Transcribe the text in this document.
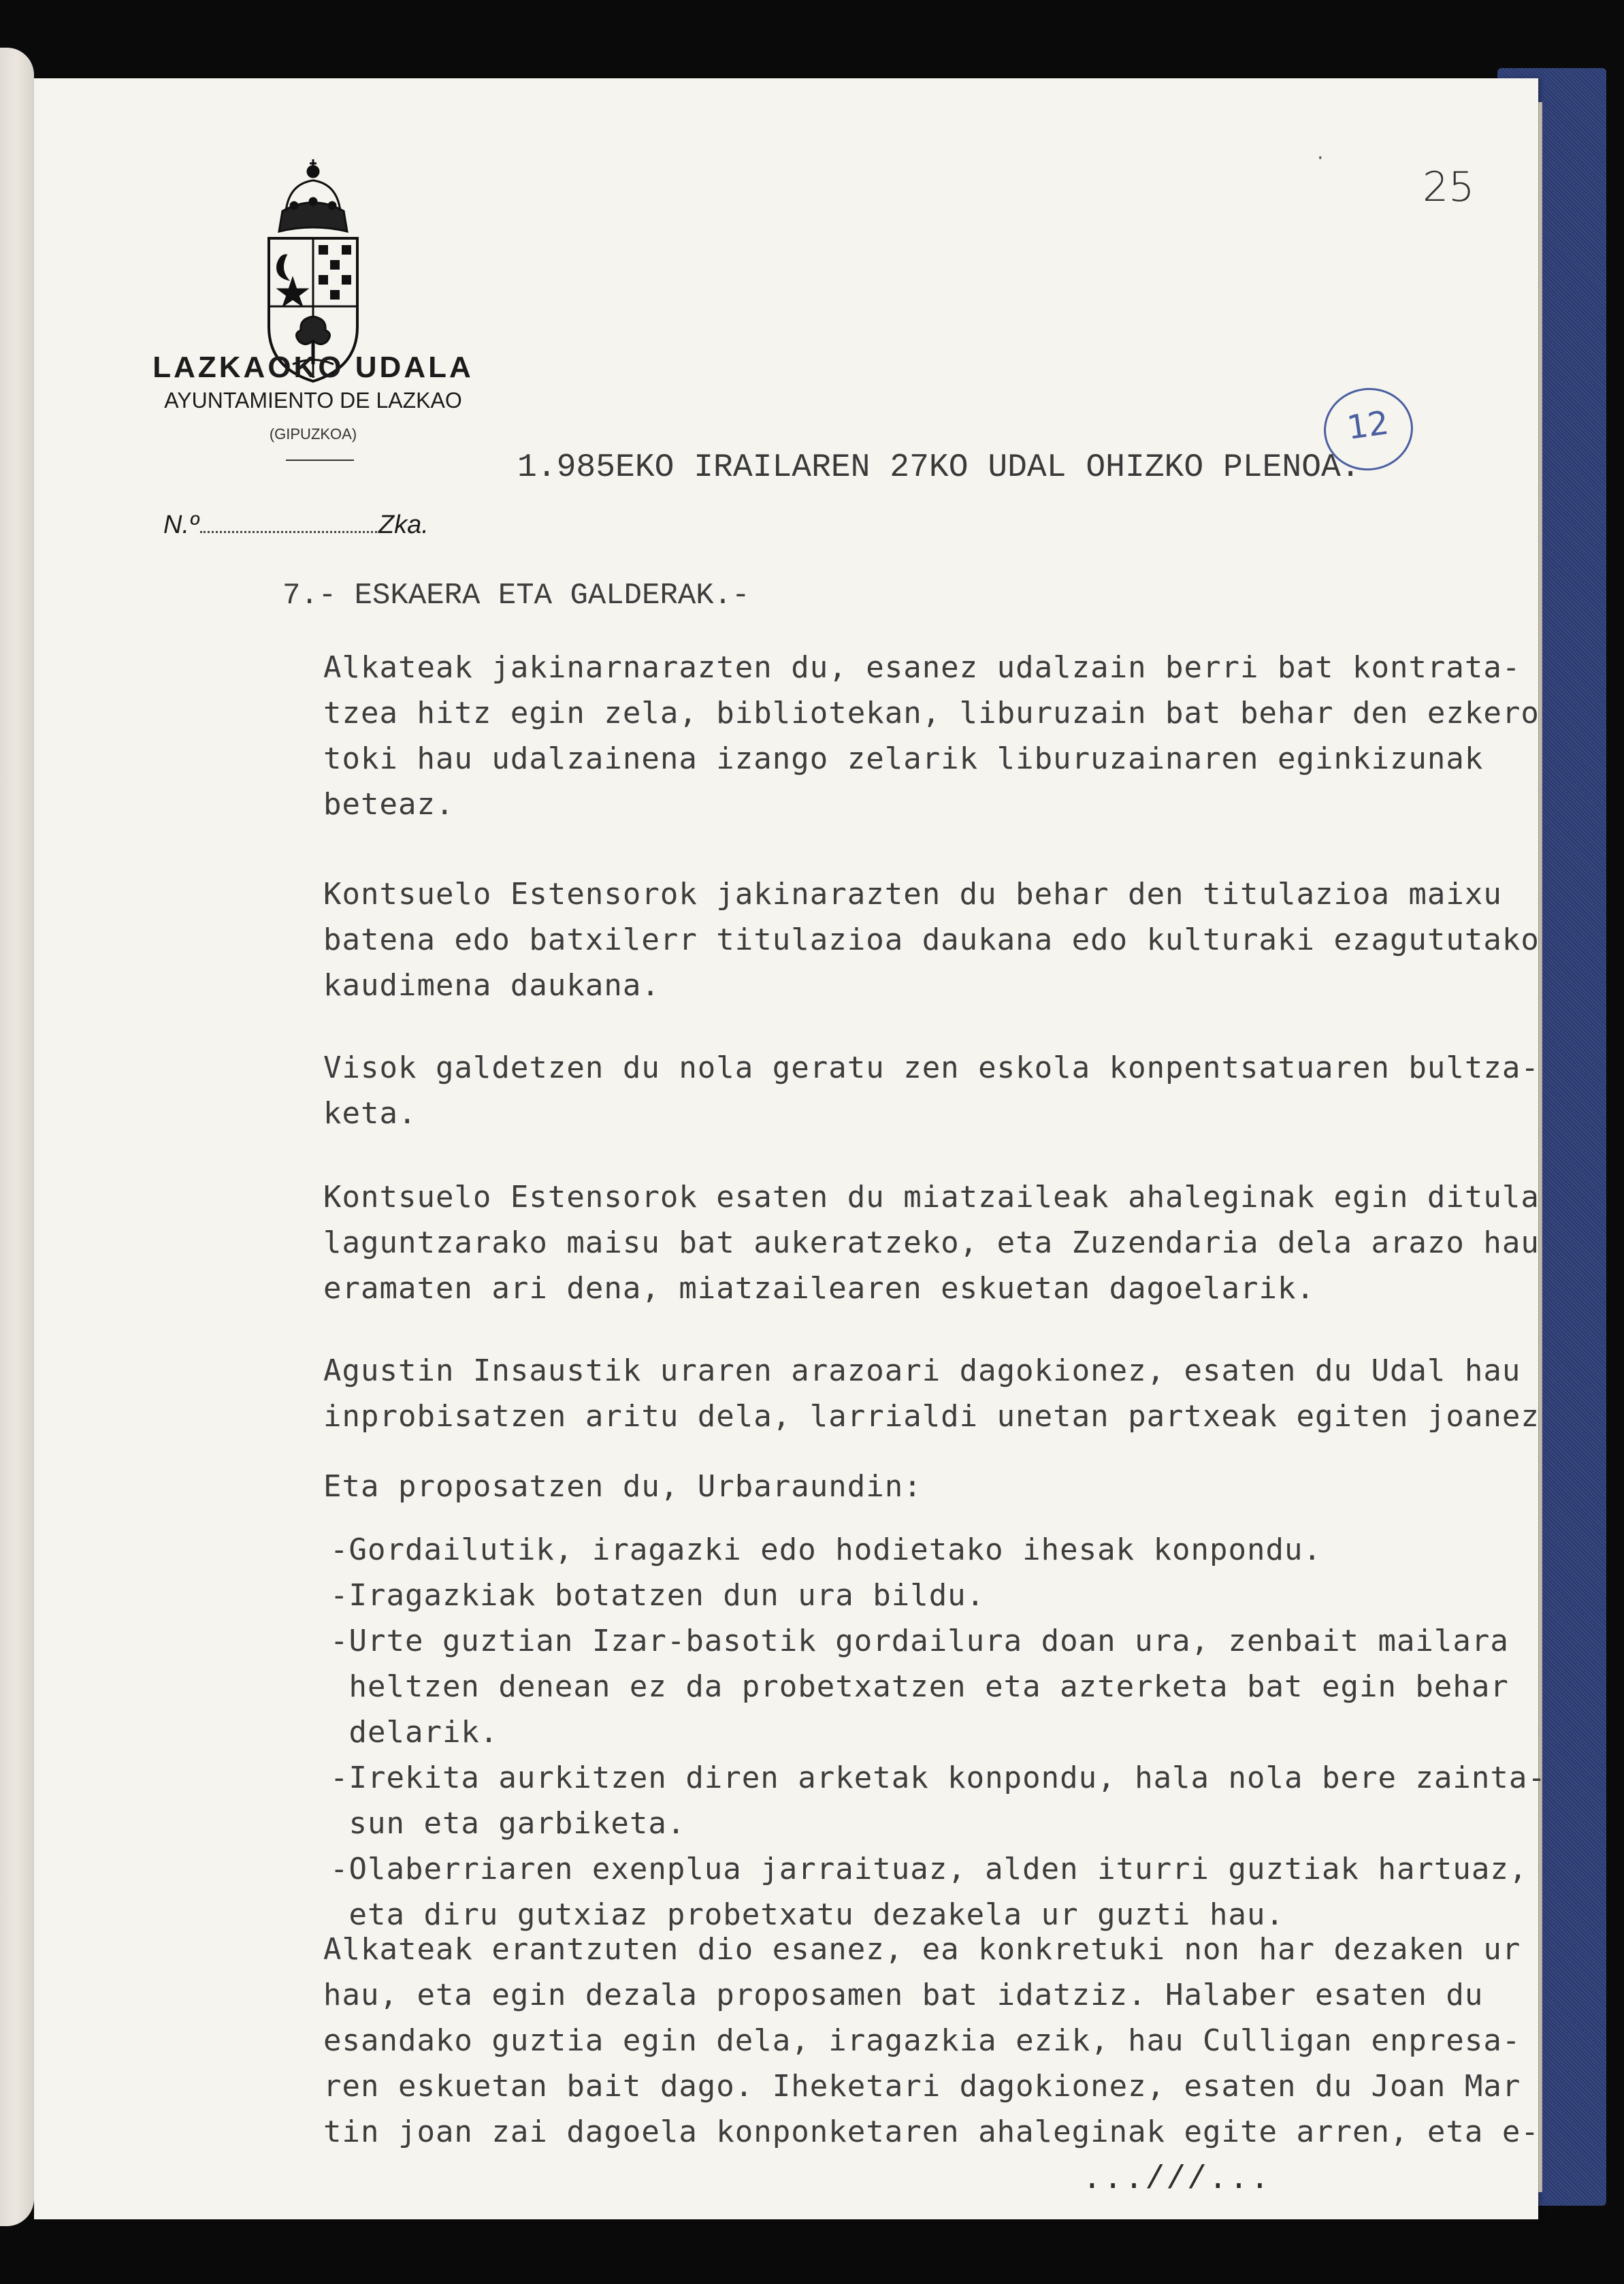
LAZKAOKO UDALA
AYUNTAMIENTO DE LAZKAO
(GIPUZKOA)
N.º	Zka.
·
25
12
1.985EKO IRAILAREN 27KO UDAL OHIZKO PLENOA.
7.- ESKAERA ETA GALDERAK.-
Alkateak jakinarnarazten du, esanez udalzain berri bat kontrata-
tzea hitz egin zela, bibliotekan, liburuzain bat behar den ezkero
toki hau udalzainena izango zelarik liburuzainaren eginkizunak
beteaz.
Kontsuelo Estensorok jakinarazten du behar den titulazioa maixu
batena edo batxilerr titulazioa daukana edo kulturaki ezagututako
kaudimena daukana.
Visok galdetzen du nola geratu zen eskola konpentsatuaren bultza-
keta.
Kontsuelo Estensorok esaten du miatzaileak ahaleginak egin ditula
laguntzarako maisu bat aukeratzeko, eta Zuzendaria dela arazo hau
eramaten ari dena, miatzailearen eskuetan dagoelarik.
Agustin Insaustik uraren arazoari dagokionez, esaten du Udal hau
inprobisatzen aritu dela, larrialdi unetan partxeak egiten joanez
Eta proposatzen du, Urbaraundin:
-Gordailutik, iragazki edo hodietako ihesak konpondu.
-Iragazkiak botatzen dun ura bildu.
-Urte guztian Izar-basotik gordailura doan ura, zenbait mailara
heltzen denean ez da probetxatzen eta azterketa bat egin behar
delarik.
-Irekita aurkitzen diren arketak konpondu, hala nola bere zainta-
sun eta garbiketa.
-Olaberriaren exenplua jarraituaz, alden iturri guztiak hartuaz,
eta diru gutxiaz probetxatu dezakela ur guzti hau.
Alkateak erantzuten dio esanez, ea konkretuki non har dezaken ur
hau, eta egin dezala proposamen bat idatziz. Halaber esaten du
esandako guztia egin dela, iragazkia ezik, hau Culligan enpresa-
ren eskuetan bait dago. Iheketari dagokionez, esaten du Joan Mar
tin joan zai dagoela konponketaren ahaleginak egite arren, eta e-
...///...
